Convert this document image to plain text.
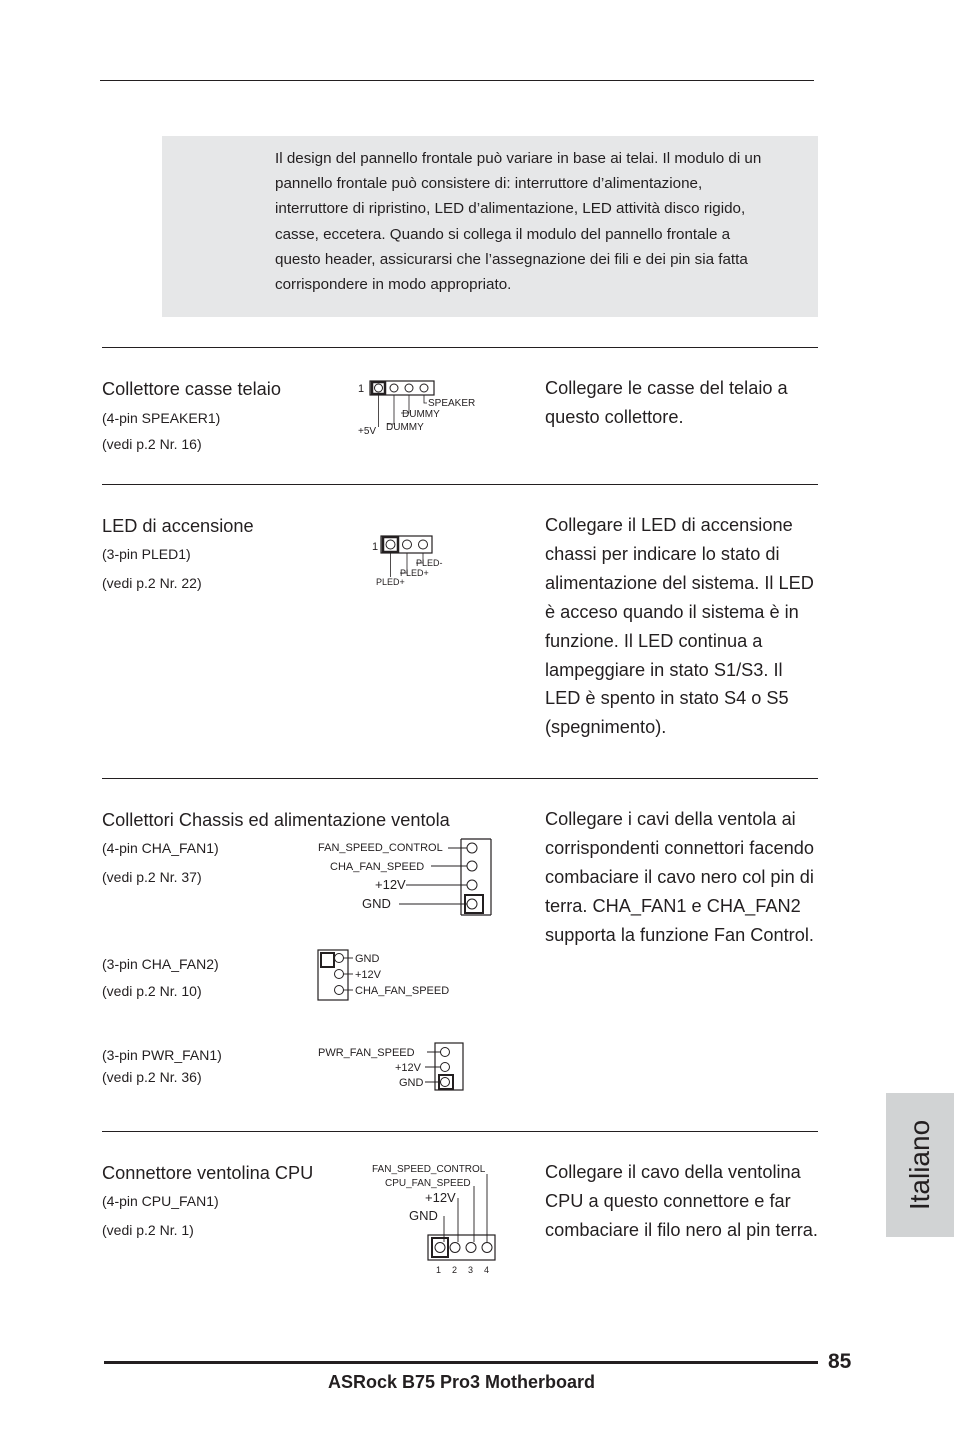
Il design del pannello frontale può variare in base ai telai. Il modulo di un
pannello frontale può consistere di: interruttore d’alimentazione,
interruttore di ripristino, LED d’alimentazione, LED attività disco rigido,
casse, eccetera. Quando si collega il modulo del pannello frontale a
questo header, assicurarsi che l’assegnazione dei fili e dei pin sia fatta
corrispondere in modo appropriato.
Collettore casse telaio
(4-pin SPEAKER1)
(vedi p.2 Nr. 16)
Collegare le casse del telaio a questo collettore.
1
SPEAKER
DUMMY
+5V DUMMY
LED di accensione
(3-pin PLED1)
(vedi p.2 Nr. 22)
Collegare il LED di accensione chassi per indicare lo stato di alimentazione del sistema. Il LED è acceso quando il sistema è in funzione. Il LED continua a lampeggiare in stato S1/S3. Il LED è spento in stato S4 o S5 (spegnimento).
1
PLED-
PLED+
PLED+
Collettori Chassis ed alimentazione ventola	Collegare i cavi della ventola ai corrispondenti connettori facendo combaciare il cavo nero col pin di terra. CHA_FAN1 e CHA_FAN2 supporta la funzione Fan Control.
(4-pin CHA_FAN1)
(vedi p.2 Nr. 37)
FAN_SPEED_CONTROL
CHA_FAN_SPEED
+12V
GND
(3-pin CHA_FAN2)
(vedi p.2 Nr. 10)
GND
+12V
CHA_FAN_SPEED
(3-pin PWR_FAN1)
(vedi p.2 Nr. 36)
PWR_FAN_SPEED
+12V
GND
Connettore ventolina CPU
(4-pin CPU_FAN1)
(vedi p.2 Nr. 1)
Collegare il cavo della ventolina CPU a questo connettore e far combaciare il filo nero al pin terra.
FAN_SPEED_CONTROL
CPU_FAN_SPEED
+12V
GND
1 2 3 4
Italiano
85
ASRock B75 Pro3 Motherboard
